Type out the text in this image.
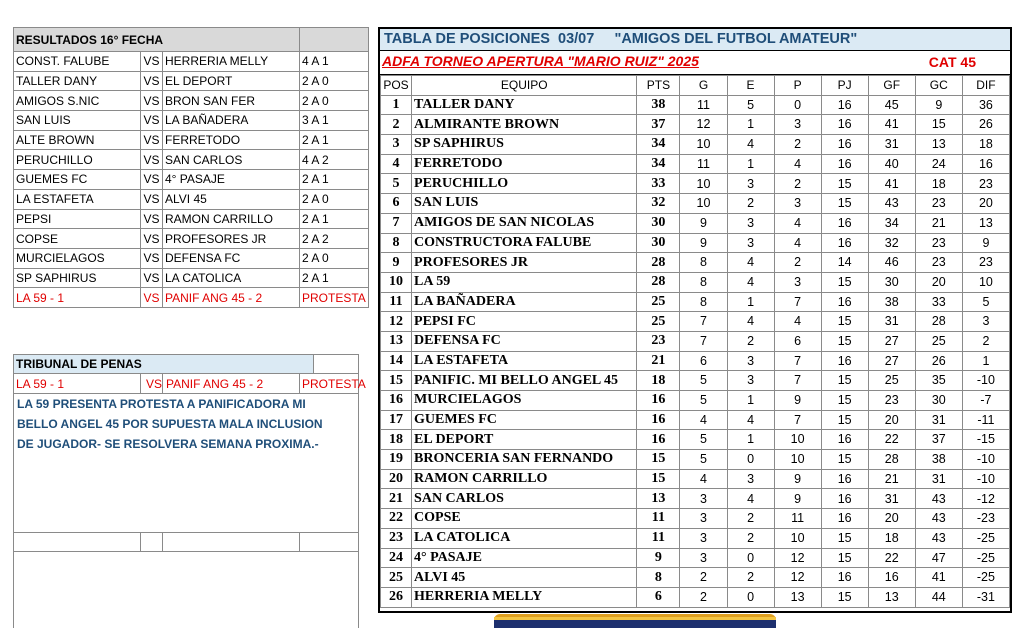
RESULTADOS 16° FECHA			
CONST. FALUBE	VS	HERRERIA MELLY	4 A 1
TALLER DANY	VS	EL DEPORT	2 A 0
AMIGOS S.NIC	VS	BRON SAN FER	2 A 0
SAN LUIS	VS	LA BAÑADERA	3 A 1
ALTE BROWN	VS	FERRETODO	2 A 1
PERUCHILLO	VS	SAN CARLOS	4 A 2
GUEMES FC	VS	4° PASAJE	2 A 1
LA ESTAFETA	VS	ALVI 45	2 A 0
PEPSI	VS	RAMON CARRILLO	2 A 1
COPSE	VS	PROFESORES JR	2 A 2
MURCIELAGOS	VS	DEFENSA FC	2 A 0
SP SAPHIRUS	VS	LA CATOLICA	2 A 1
LA 59 - 1	VS	PANIF ANG 45 - 2	PROTESTA
TRIBUNAL DE PENAS
LA 59 - 1	VS PANIF ANG 45 - 2	PROTESTA
LA 59 PRESENTA PROTESTA A PANIFICADORA MI
BELLO ANGEL 45 POR SUPUESTA MALA INCLUSION
DE JUGADOR- SE RESOLVERA SEMANA PROXIMA.-
TABLA DE POSICIONES  03/07     "AMIGOS DEL FUTBOL AMATEUR"
ADFA TORNEO APERTURA "MARIO RUIZ" 2025	CAT 45
POS	EQUIPO	PTS	G	E	P	PJ	GF	GC	DIF
1	TALLER DANY	38	11	5	0	16	45	9	36
2	ALMIRANTE BROWN	37	12	1	3	16	41	15	26
3	SP SAPHIRUS	34	10	4	2	16	31	13	18
4	FERRETODO	34	11	1	4	16	40	24	16
5	PERUCHILLO	33	10	3	2	15	41	18	23
6	SAN LUIS	32	10	2	3	15	43	23	20
7	AMIGOS DE SAN NICOLAS	30	9	3	4	16	34	21	13
8	CONSTRUCTORA FALUBE	30	9	3	4	16	32	23	9
9	PROFESORES JR	28	8	4	2	14	46	23	23
10	LA 59	28	8	4	3	15	30	20	10
11	LA BAÑADERA	25	8	1	7	16	38	33	5
12	PEPSI FC	25	7	4	4	15	31	28	3
13	DEFENSA FC	23	7	2	6	15	27	25	2
14	LA ESTAFETA	21	6	3	7	16	27	26	1
15	PANIFIC. MI BELLO ANGEL 45	18	5	3	7	15	25	35	-10
16	MURCIELAGOS	16	5	1	9	15	23	30	-7
17	GUEMES FC	16	4	4	7	15	20	31	-11
18	EL DEPORT	16	5	1	10	16	22	37	-15
19	BRONCERIA SAN FERNANDO	15	5	0	10	15	28	38	-10
20	RAMON CARRILLO	15	4	3	9	16	21	31	-10
21	SAN CARLOS	13	3	4	9	16	31	43	-12
22	COPSE	11	3	2	11	16	20	43	-23
23	LA CATOLICA	11	3	2	10	15	18	43	-25
24	4° PASAJE	9	3	0	12	15	22	47	-25
25	ALVI 45	8	2	2	12	16	16	41	-25
26	HERRERIA MELLY	6	2	0	13	15	13	44	-31
